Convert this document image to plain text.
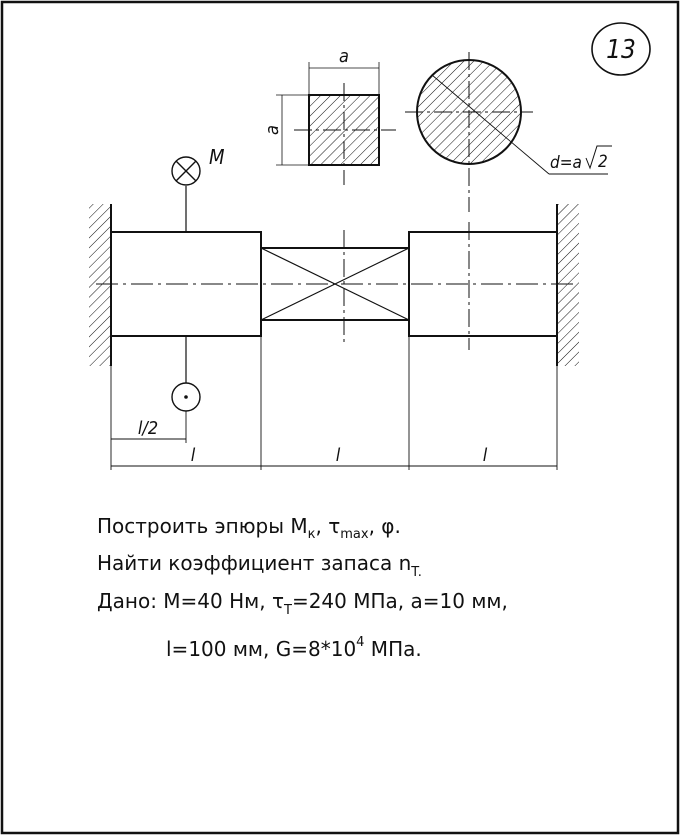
13
a
a
d=a 2
M
l/2
l	l	l
Построить эпюры $M_к$, $\tau_{max}$, φ.
Найти коэффициент запаса $n_{T.}$
Дано: M=40 Нм, $\tau_T=240$ МПа, a=10 мм,
l=100 мм, $G=8*10^4$ МПа.
